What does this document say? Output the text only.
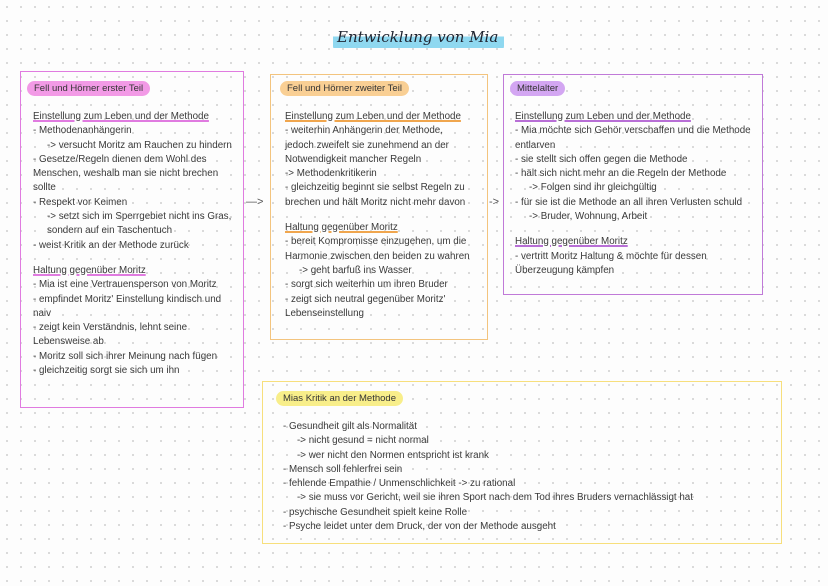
Entwicklung von Mia
Fell und Hörner erster Teil
Einstellung zum Leben und der Methode
- Methodenanhängerin
-> versucht Moritz am Rauchen zu hindern
- Gesetze/Regeln dienen dem Wohl des
Menschen, weshalb man sie nicht brechen
sollte
- Respekt vor Keimen
-> setzt sich im Sperrgebiet nicht ins Gras,
sondern auf ein Taschentuch
- weist Kritik an der Methode zurück
Haltung gegenüber Moritz
- Mia ist eine Vertrauensperson von Moritz
- empfindet Moritz' Einstellung kindisch und
naiv
- zeigt kein Verständnis, lehnt seine
Lebensweise ab
- Moritz soll sich ihrer Meinung nach fügen
- gleichzeitig sorgt sie sich um ihn
—>
Fell und Hörner zweiter Teil
Einstellung zum Leben und der Methode
- weiterhin Anhängerin der Methode,
jedoch zweifelt sie zunehmend an der
Notwendigkeit mancher Regeln
-> Methodenkritikerin
- gleichzeitig beginnt sie selbst Regeln zu
brechen und hält Moritz nicht mehr davon
Haltung gegenüber Moritz
- bereit Kompromisse einzugehen, um die
Harmonie zwischen den beiden zu wahren
-> geht barfuß ins Wasser
- sorgt sich weiterhin um ihren Bruder
- zeigt sich neutral gegenüber Moritz'
Lebenseinstellung
->
Mittelalter
Einstellung zum Leben und der Methode
- Mia möchte sich Gehör verschaffen und die Methode
entlarven
- sie stellt sich offen gegen die Methode
- hält sich nicht mehr an die Regeln der Methode
-> Folgen sind ihr gleichgültig
- für sie ist die Methode an all ihren Verlusten schuld
-> Bruder, Wohnung, Arbeit
Haltung gegenüber Moritz
- vertritt Moritz Haltung & möchte für dessen
Überzeugung kämpfen
Mias Kritik an der Methode
- Gesundheit gilt als Normalität
-> nicht gesund = nicht normal
-> wer nicht den Normen entspricht ist krank
- Mensch soll fehlerfrei sein
- fehlende Empathie / Unmenschlichkeit -> zu rational
-> sie muss vor Gericht, weil sie ihren Sport nach dem Tod ihres Bruders vernachlässigt hat
- psychische Gesundheit spielt keine Rolle
- Psyche leidet unter dem Druck, der von der Methode ausgeht
